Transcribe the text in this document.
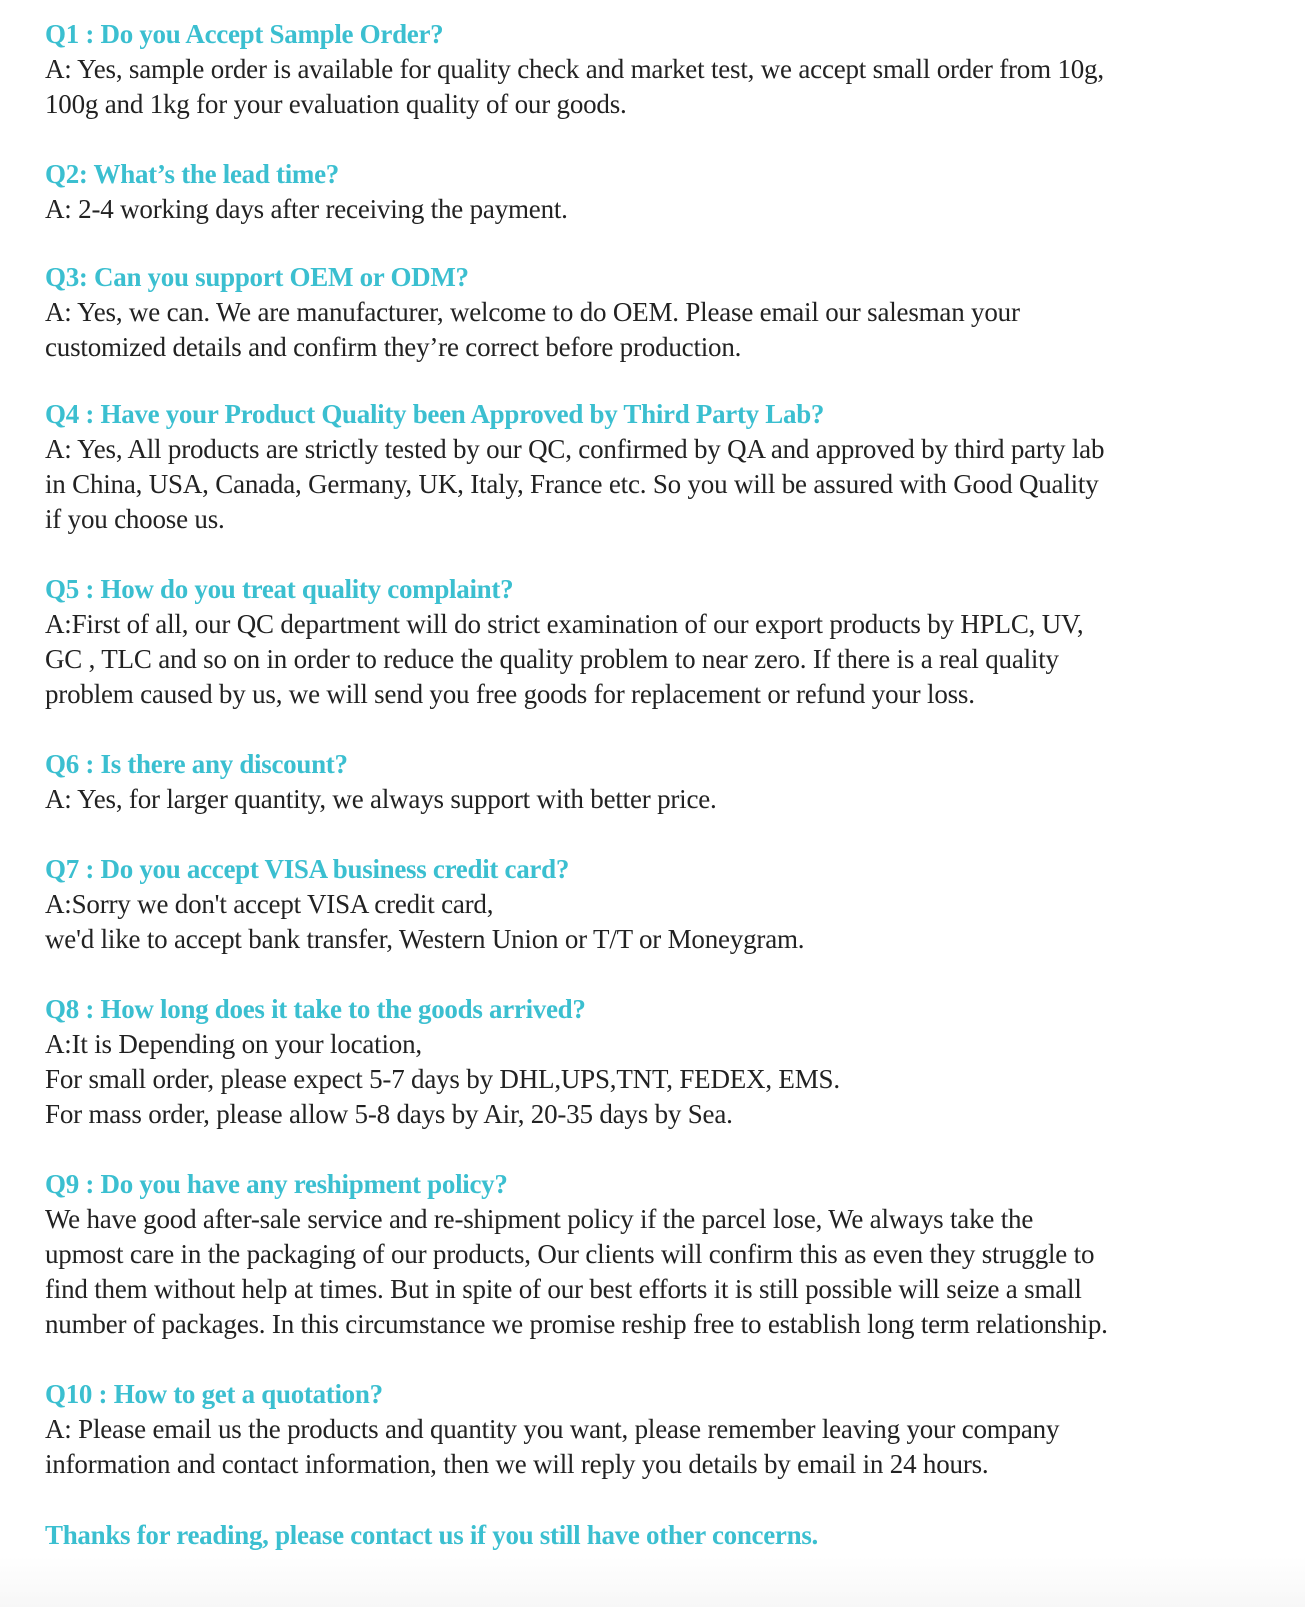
Q1 : Do you Accept Sample Order?
A: Yes, sample order is available for quality check and market test, we accept small order from 10g,
100g and 1kg for your evaluation quality of our goods.
Q2: What’s the lead time?
A: 2-4 working days after receiving the payment.
Q3: Can you support OEM or ODM?
A: Yes, we can. We are manufacturer, welcome to do OEM. Please email our salesman your
customized details and confirm they’re correct before production.
Q4 : Have your Product Quality been Approved by Third Party Lab?
A: Yes, All products are strictly tested by our QC, confirmed by QA and approved by third party lab
in China, USA, Canada, Germany, UK, Italy, France etc. So you will be assured with Good Quality
if you choose us.
Q5 : How do you treat quality complaint?
A:First of all, our QC department will do strict examination of our export products by HPLC, UV,
GC , TLC and so on in order to reduce the quality problem to near zero. If there is a real quality
problem caused by us, we will send you free goods for replacement or refund your loss.
Q6 : Is there any discount?
A: Yes, for larger quantity, we always support with better price.
Q7 : Do you accept VISA business credit card?
A:Sorry we don't accept VISA credit card,
we'd like to accept bank transfer, Western Union or T/T or Moneygram.
Q8 : How long does it take to the goods arrived?
A:It is Depending on your location,
For small order, please expect 5-7 days by DHL,UPS,TNT, FEDEX, EMS.
For mass order, please allow 5-8 days by Air, 20-35 days by Sea.
Q9 : Do you have any reshipment policy?
We have good after-sale service and re-shipment policy if the parcel lose, We always take the
upmost care in the packaging of our products, Our clients will confirm this as even they struggle to
find them without help at times. But in spite of our best efforts it is still possible will seize a small
number of packages. In this circumstance we promise reship free to establish long term relationship.
Q10 : How to get a quotation?
A: Please email us the products and quantity you want, please remember leaving your company
information and contact information, then we will reply you details by email in 24 hours.
Thanks for reading, please contact us if you still have other concerns.
